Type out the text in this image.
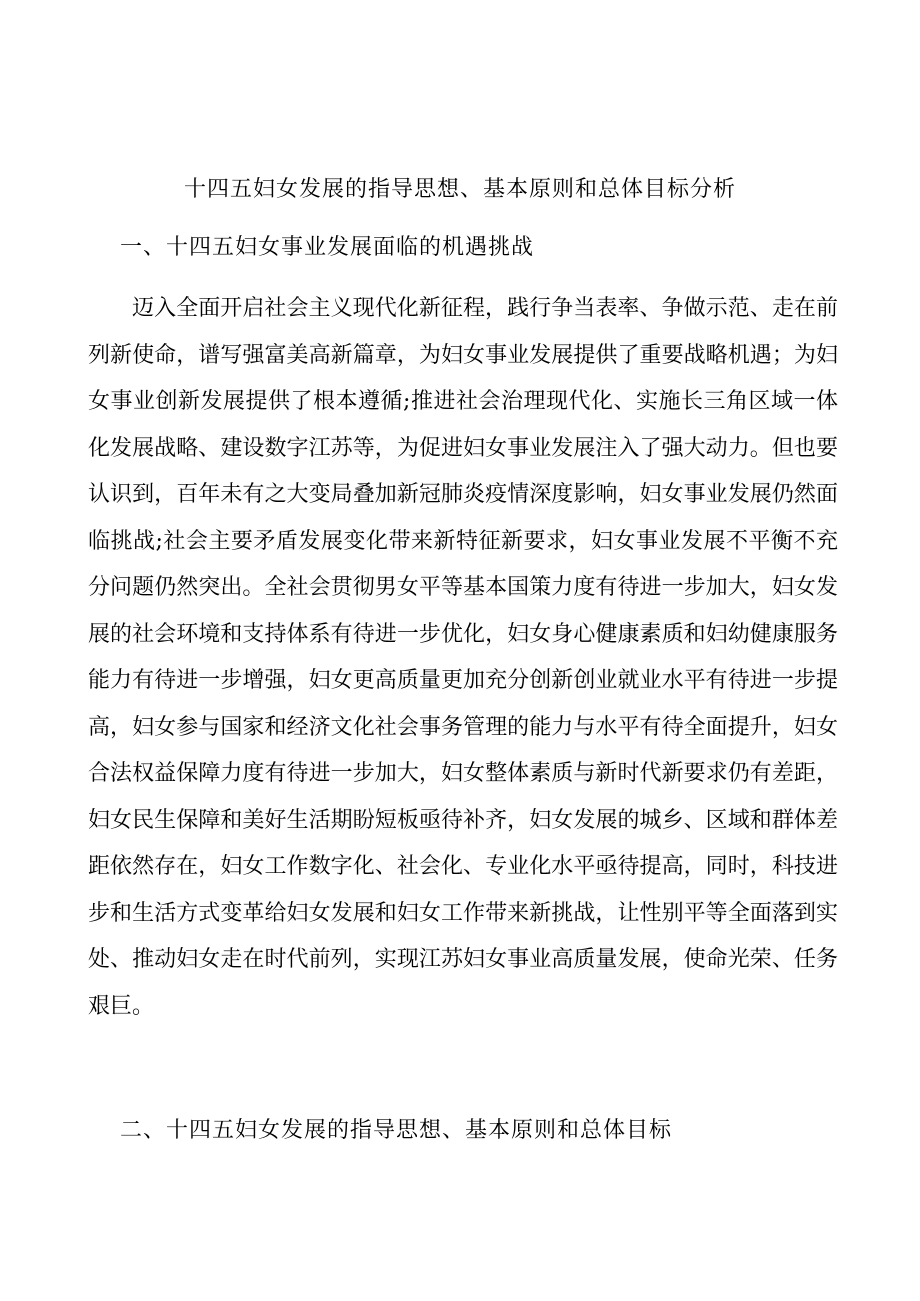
十四五妇女发展的指导思想、基本原则和总体目标分析
一、十四五妇女事业发展面临的机遇挑战

迈入全面开启社会主义现代化新征程，践行争当表率、争做示范、走在前列新使命，谱写强富美高新篇章，为妇女事业发展提供了重要战略机遇；为妇女事业创新发展提供了根本遵循;推进社会治理现代化、实施长三角区域一体化发展战略、建设数字江苏等，为促进妇女事业发展注入了强大动力。但也要认识到，百年未有之大变局叠加新冠肺炎疫情深度影响，妇女事业发展仍然面临挑战;社会主要矛盾发展变化带来新特征新要求，妇女事业发展不平衡不充分问题仍然突出。全社会贯彻男女平等基本国策力度有待进一步加大，妇女发展的社会环境和支持体系有待进一步优化，妇女身心健康素质和妇幼健康服务能力有待进一步增强，妇女更高质量更加充分创新创业就业水平有待进一步提高，妇女参与国家和经济文化社会事务管理的能力与水平有待全面提升，妇女合法权益保障力度有待进一步加大，妇女整体素质与新时代新要求仍有差距，妇女民生保障和美好生活期盼短板亟待补齐，妇女发展的城乡、区域和群体差距依然存在，妇女工作数字化、社会化、专业化水平亟待提高，同时，科技进步和生活方式变革给妇女发展和妇女工作带来新挑战，让性别平等全面落到实处、推动妇女走在时代前列，实现江苏妇女事业高质量发展，使命光荣、任务艰巨。

二、十四五妇女发展的指导思想、基本原则和总体目标
